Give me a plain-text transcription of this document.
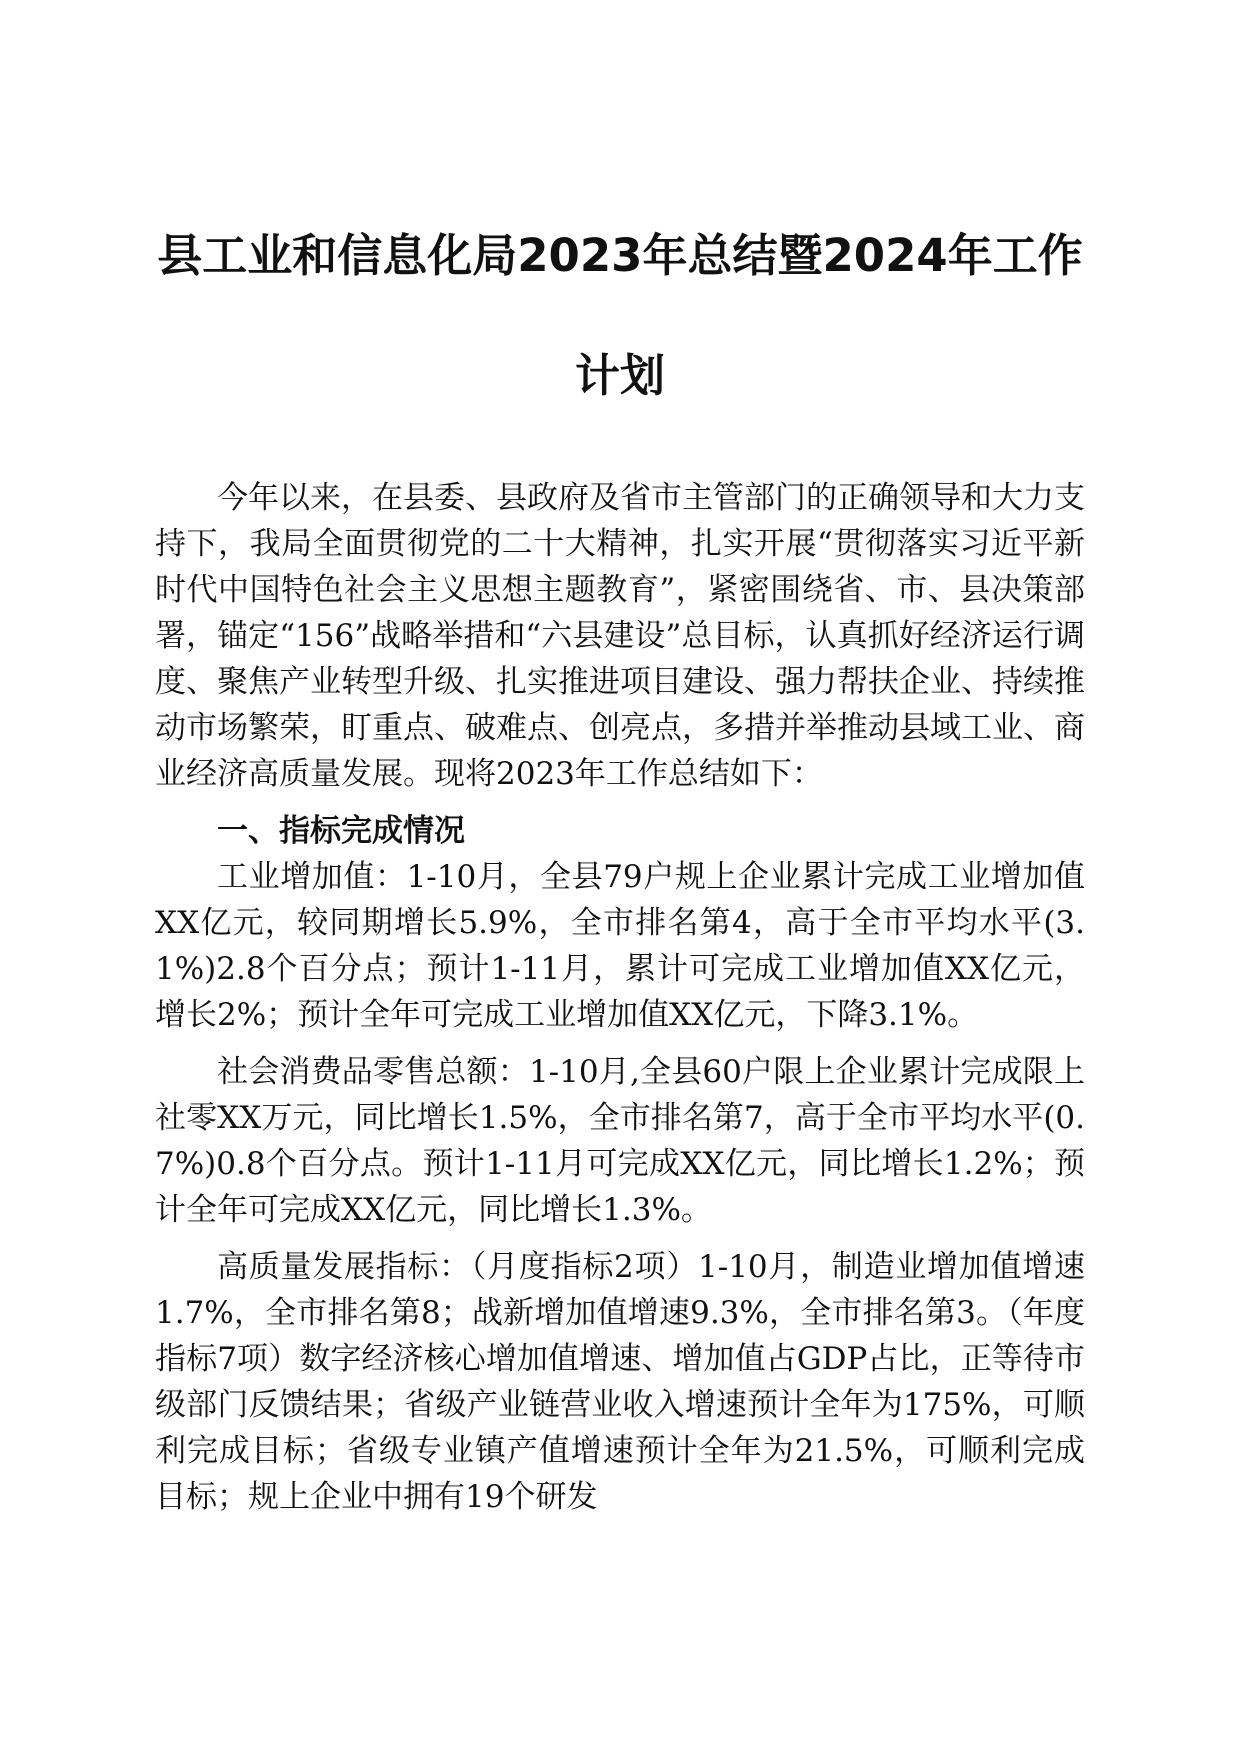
县工业和信息化局2023年总结暨2024年工作
计划

今年以来，在县委、县政府及省市主管部门的正确领导和大力支持下，我局全面贯彻党的二十大精神，扎实开展“贯彻落实习近平新时代中国特色社会主义思想主题教育”，紧密围绕省、市、县决策部署，锚定“156”战略举措和“六县建设”总目标，认真抓好经济运行调度、聚焦产业转型升级、扎实推进项目建设、强力帮扶企业、持续推动市场繁荣，盯重点、破难点、创亮点，多措并举推动县域工业、商业经济高质量发展。现将2023年工作总结如下：

一、指标完成情况

工业增加值：1-10月，全县79户规上企业累计完成工业增加值XX亿元，较同期增长5.9%，全市排名第4，高于全市平均水平(3.1%)2.8个百分点；预计1-11月，累计可完成工业增加值XX亿元，增长2%；预计全年可完成工业增加值XX亿元，下降3.1%。

社会消费品零售总额：1-10月,全县60户限上企业累计完成限上社零XX万元，同比增长1.5%，全市排名第7，高于全市平均水平(0.7%)0.8个百分点。预计1-11月可完成XX亿元，同比增长1.2%；预计全年可完成XX亿元，同比增长1.3%。

高质量发展指标：（月度指标2项）1-10月，制造业增加值增速1.7%，全市排名第8；战新增加值增速9.3%，全市排名第3。（年度指标7项）数字经济核心增加值增速、增加值占GDP占比，正等待市级部门反馈结果；省级产业链营业收入增速预计全年为175%，可顺利完成目标；省级专业镇产值增速预计全年为21.5%，可顺利完成目标；规上企业中拥有19个研发
